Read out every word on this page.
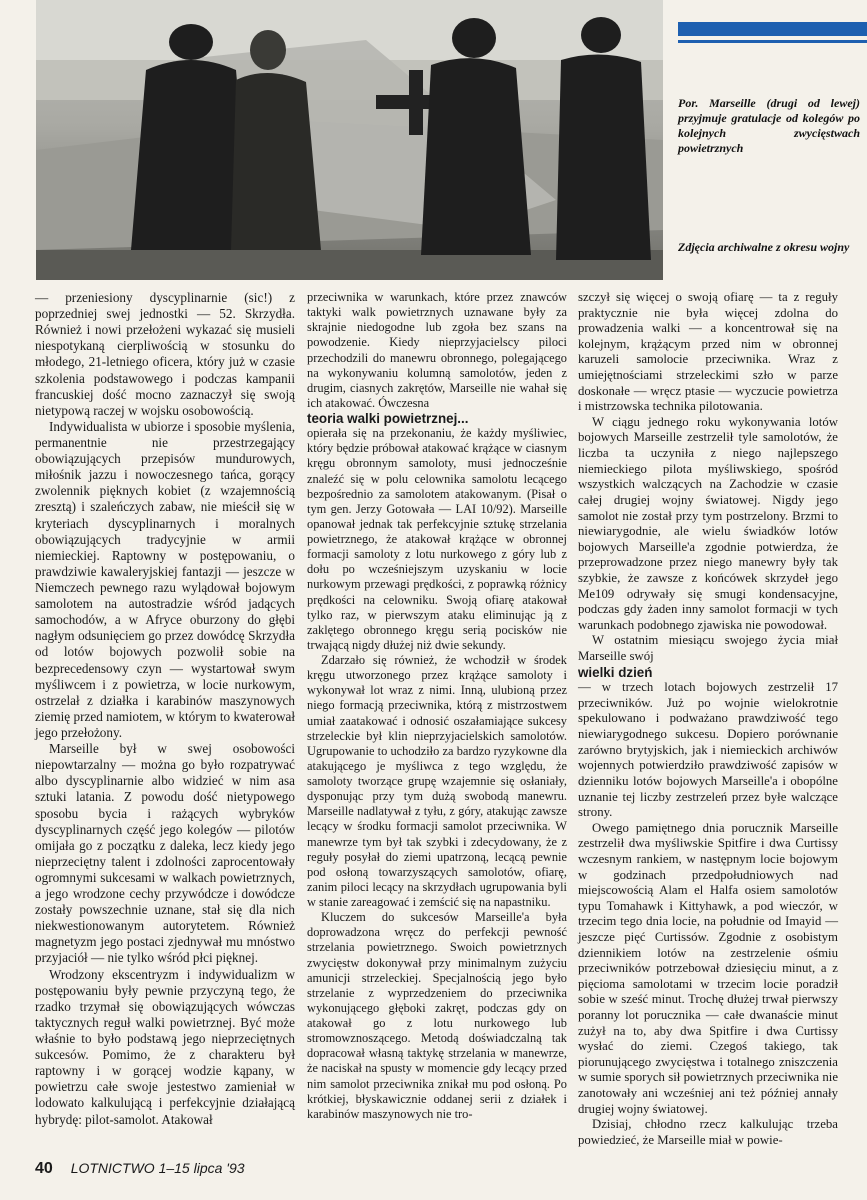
Por. Marseille (drugi od lewej) przyjmuje gratulacje od kolegów po kolejnych zwycięstwach powietrznych
Zdjęcia archiwalne z okresu wojny

— przeniesiony dyscyplinarnie (sic!) z poprzedniej swej jednostki — 52. Skrzydła. Również i nowi przełożeni wykazać się musieli niespotykaną cierpliwością w stosunku do młodego, 21-letniego oficera, który już w czasie szkolenia podstawowego i podczas kampanii francuskiej dość mocno zaznaczył się swoją nietypową raczej w wojsku osobowością.

Indywidualista w ubiorze i sposobie myślenia, permanentnie nie przestrzegający obowiązujących przepisów mundurowych, miłośnik jazzu i nowoczesnego tańca, gorący zwolennik pięknych kobiet (z wzajemnością zresztą) i szaleńczych zabaw, nie mieścił się w kryteriach dyscyplinarnych i moralnych obowiązujących tradycyjnie w armii niemieckiej. Raptowny w postępowaniu, o prawdziwie kawaleryjskiej fantazji — jeszcze w Niemczech pewnego razu wylądował bojowym samolotem na autostradzie wśród jadących samochodów, a w Afryce oburzony do głębi nagłym odsunięciem go przez dowódcę Skrzydła od lotów bojowych pozwolił sobie na bezprecedensowy czyn — wystartował swym myśliwcem i z powietrza, w locie nurkowym, ostrzelał z działka i karabinów maszynowych ziemię przed namiotem, w którym to kwaterował jego przełożony.

Marseille był w swej osobowości niepowtarzalny — można go było rozpatrywać albo dyscyplinarnie albo widzieć w nim asa sztuki latania. Z powodu dość nietypowego sposobu bycia i rażących wybryków dyscyplinarnych część jego kolegów — pilotów omijała go z początku z daleka, lecz kiedy jego nieprzeciętny talent i zdolności zaprocentowały ogromnymi sukcesami w walkach powietrznych, a jego wrodzone cechy przywódcze i dowódcze zostały powszechnie uznane, stał się dla nich niekwestionowanym autorytetem. Również magnetyzm jego postaci zjednywał mu mnóstwo przyjaciół — nie tylko wśród płci pięknej.

Wrodzony ekscentryzm i indywidualizm w postępowaniu były pewnie przyczyną tego, że rzadko trzymał się obowiązujących wówczas taktycznych reguł walki powietrznej. Być może właśnie to było podstawą jego nieprzeciętnych sukcesów. Pomimo, że z charakteru był raptowny i w gorącej wodzie kąpany, w powietrzu całe swoje jestestwo zamieniał w lodowato kalkulującą i perfekcyjnie działającą hybrydę: pilot-samolot. Atakował

przeciwnika w warunkach, które przez znawców taktyki walk powietrznych uznawane były za skrajnie niedogodne lub zgoła bez szans na powodzenie. Kiedy nieprzyjacielscy piloci przechodzili do manewru obronnego, polegającego na wykonywaniu kolumną samolotów, jeden z drugim, ciasnych zakrętów, Marseille nie wahał się ich atakować. Ówczesna

teoria walki powietrznej...

opierała się na przekonaniu, że każdy myśliwiec, który będzie próbował atakować krążące w ciasnym kręgu obronnym samoloty, musi jednocześnie znaleźć się w polu celownika samolotu lecącego bezpośrednio za samolotem atakowanym. (Pisał o tym gen. Jerzy Gotowała — LAI 10/92). Marseille opanował jednak tak perfekcyjnie sztukę strzelania powietrznego, że atakował krążące w obronnej formacji samoloty z lotu nurkowego z góry lub z dołu po wcześniejszym uzyskaniu w locie nurkowym przewagi prędkości, z poprawką różnicy prędkości na celowniku. Swoją ofiarę atakował tylko raz, w pierwszym ataku eliminując ją z zaklętego obronnego kręgu serią pocisków nie trwającą nigdy dłużej niż dwie sekundy.

Zdarzało się również, że wchodził w środek kręgu utworzonego przez krążące samoloty i wykonywał lot wraz z nimi. Inną, ulubioną przez niego formacją przeciwnika, którą z mistrzostwem umiał zaatakować i odnosić oszałamiające sukcesy strzeleckie był klin nieprzyjacielskich samolotów. Ugrupowanie to uchodziło za bardzo ryzykowne dla atakującego je myśliwca z tego względu, że samoloty tworzące grupę wzajemnie się osłaniały, dysponując przy tym dużą swobodą manewru. Marseille nadlatywał z tyłu, z góry, atakując zawsze lecący w środku formacji samolot przeciwnika. W manewrze tym był tak szybki i zdecydowany, że z reguły posyłał do ziemi upatrzoną, lecącą pewnie pod osłoną towarzyszących samolotów, ofiarę, zanim piloci lecący na skrzydłach ugrupowania byli w stanie zareagować i zemścić się na napastniku.

Kluczem do sukcesów Marseille'a była doprowadzona wręcz do perfekcji pewność strzelania powietrznego. Swoich powietrznych zwycięstw dokonywał przy minimalnym zużyciu amunicji strzeleckiej. Specjalnością jego było strzelanie z wyprzedzeniem do przeciwnika wykonującego głęboki zakręt, podczas gdy on atakował go z lotu nurkowego lub stromowznoszącego. Metodą doświadczalną tak dopracował własną taktykę strzelania w manewrze, że naciskał na spusty w momencie gdy lecący przed nim samolot przeciwnika znikał mu pod osłoną. Po krótkiej, błyskawicznie oddanej serii z działek i karabinów maszynowych nie tro-

szczył się więcej o swoją ofiarę — ta z reguły praktycznie nie była więcej zdolna do prowadzenia walki — a koncentrował się na kolejnym, krążącym przed nim w obronnej karuzeli samolocie przeciwnika. Wraz z umiejętnościami strzeleckimi szło w parze doskonałe — wręcz ptasie — wyczucie powietrza i mistrzowska technika pilotowania.

W ciągu jednego roku wykonywania lotów bojowych Marseille zestrzelił tyle samolotów, że liczba ta uczyniła z niego najlepszego niemieckiego pilota myśliwskiego, spośród wszystkich walczących na Zachodzie w czasie całej drugiej wojny światowej. Nigdy jego samolot nie został przy tym postrzelony. Brzmi to niewiarygodnie, ale wielu świadków lotów bojowych Marseille'a zgodnie potwierdza, że przeprowadzone przez niego manewry były tak szybkie, że zawsze z końcówek skrzydeł jego Me109 odrywały się smugi kondensacyjne, podczas gdy żaden inny samolot formacji w tych warunkach podobnego zjawiska nie powodował.

W ostatnim miesiącu swojego życia miał Marseille swój

wielki dzień

— w trzech lotach bojowych zestrzelił 17 przeciwników. Już po wojnie wielokrotnie spekulowano i podważano prawdziwość tego niewiarygodnego sukcesu. Dopiero porównanie zarówno brytyjskich, jak i niemieckich archiwów wojennych potwierdziło prawdziwość zapisów w dzienniku lotów bojowych Marseille'a i obopólne uznanie tej liczby zestrzeleń przez byłe walczące strony.

Owego pamiętnego dnia porucznik Marseille zestrzelił dwa myśliwskie Spitfire i dwa Curtissy wczesnym rankiem, w następnym locie bojowym w godzinach przedpołudniowych nad miejscowością Alam el Halfa osiem samolotów typu Tomahawk i Kittyhawk, a pod wieczór, w trzecim tego dnia locie, na południe od Imayid — jeszcze pięć Curtissów. Zgodnie z osobistym dziennikiem lotów na zestrzelenie ośmiu przeciwników potrzebował dziesięciu minut, a z pięcioma samolotami w trzecim locie poradził sobie w sześć minut. Trochę dłużej trwał pierwszy poranny lot porucznika — całe dwanaście minut zużył na to, aby dwa Spitfire i dwa Curtissy wysłać do ziemi. Czegoś takiego, tak piorunującego zwycięstwa i totalnego zniszczenia w sumie sporych sił powietrznych przeciwnika nie zanotowały ani wcześniej ani też później annały drugiej wojny światowej.

Dzisiaj, chłodno rzecz kalkulując trzeba powiedzieć, że Marseille miał w powie-

40 LOTNICTWO 1–15 lipca '93
